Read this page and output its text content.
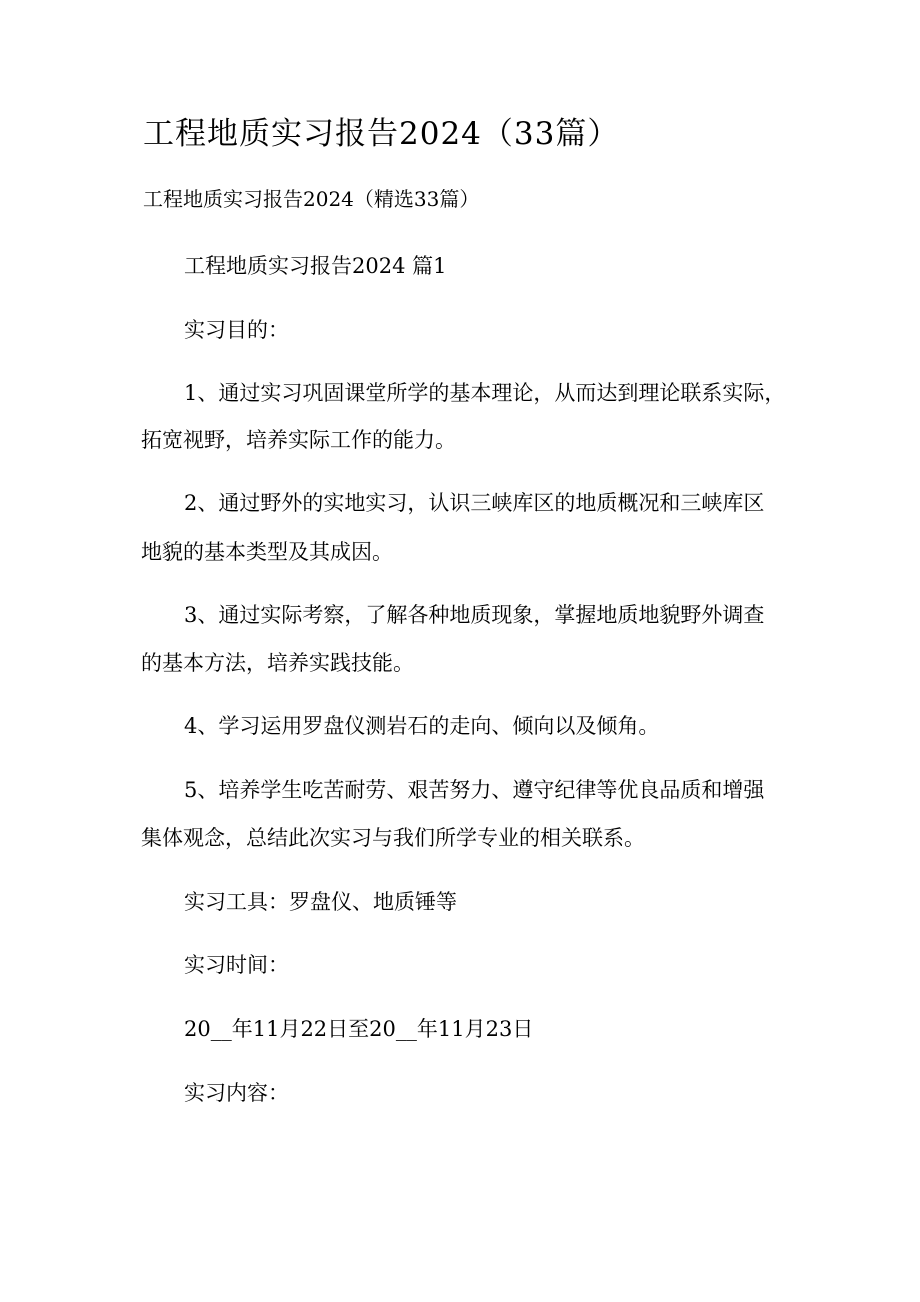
工程地质实习报告2024（33篇）
工程地质实习报告2024（精选33篇）
工程地质实习报告2024 篇1
实习目的：
1、通过实习巩固课堂所学的基本理论，从而达到理论联系实际，
拓宽视野，培养实际工作的能力。
2、通过野外的实地实习，认识三峡库区的地质概况和三峡库区
地貌的基本类型及其成因。
3、通过实际考察，了解各种地质现象，掌握地质地貌野外调查
的基本方法，培养实践技能。
4、学习运用罗盘仪测岩石的走向、倾向以及倾角。
5、培养学生吃苦耐劳、艰苦努力、遵守纪律等优良品质和增强
集体观念，总结此次实习与我们所学专业的相关联系。
实习工具：罗盘仪、地质锤等
实习时间：
20__年11月22日至20__年11月23日
实习内容：
